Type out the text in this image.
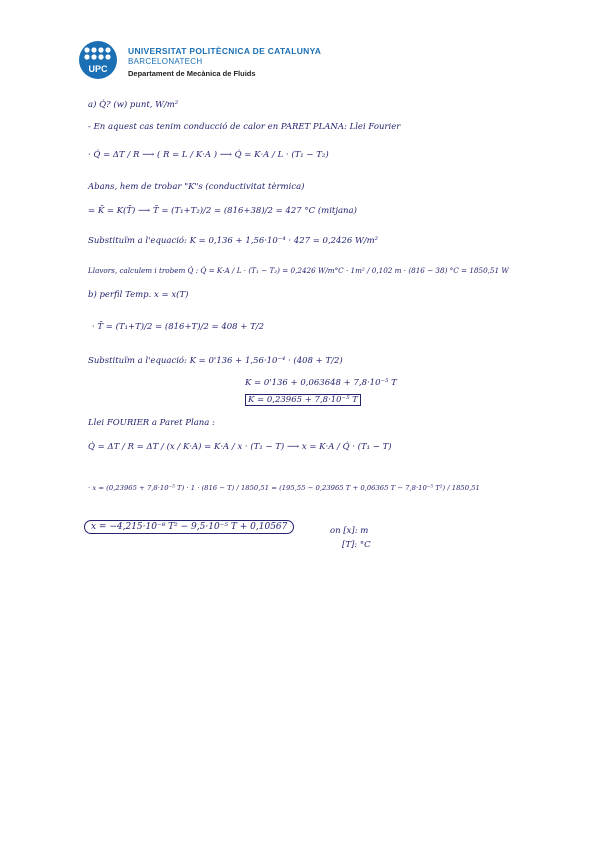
UPC
UNIVERSITAT POLITÈCNICA DE CATALUNYA
BARCELONATECH
Departament de Mecànica de Fluids
a) Q̇? (w) punt, W/m²
- En aquest cas tenim conducció de calor en PARET PLANA: Llei Fourier
· Q̇ = ΔT / R ⟶ ( R = L / K·A ) ⟶ Q̇ = K·A / L · (T₁ − T₂)
Abans, hem de trobar "K"s (conductivitat tèrmica)
= K̄ = K(T̄) ⟶ T̄ = (T₁+T₂)/2 = (816+38)/2 = 427 °C (mitjana)
Substituïm a l'equació: K = 0,136 + 1,56·10⁻⁴ · 427 = 0,2426 W/m²
Llavors, calculem i trobem Q̇ : Q̇ = K·A / L · (T₁ − T₂) = 0,2426 W/m°C · 1m² / 0,102 m · (816 − 38) °C = 1850,51 W
b) perfil Temp. x = x(T)
· T̄ = (T₁+T)/2 = (816+T)/2 = 408 + T/2
Substituïm a l'equació: K = 0'136 + 1,56·10⁻⁴ · (408 + T/2)
K = 0'136 + 0,063648 + 7,8·10⁻⁵ T
K = 0,23965 + 7,8·10⁻⁵ T
Llei FOURIER a Paret Plana :
Q̇ = ΔT / R = ΔT / (x / K·A) = K·A / x · (T₁ − T) ⟶ x = K·A / Q̇ · (T₁ − T)
· x = (0,23965 + 7,8·10⁻⁵ T) · 1 · (816 − T) / 1850,51 = (195,55 − 0,23965 T + 0,06365 T − 7,8·10⁻⁵ T²) / 1850,51
x = −4,215·10⁻⁸ T² − 9,5·10⁻⁵ T + 0,10567	on [x]: m
[T]: °C
